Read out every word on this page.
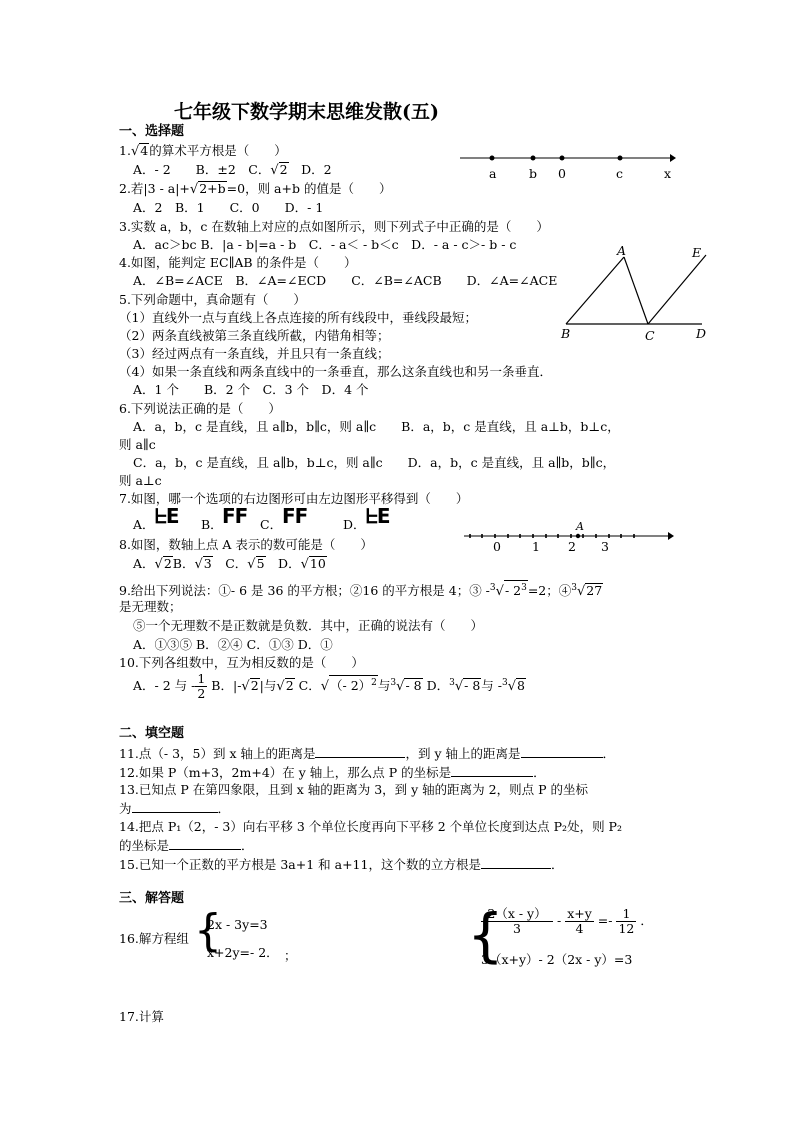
七年级下数学期末思维发散(五)
一、选择题
1.√4的算术平方根是（　　）
A．- 2　　B．±2　C．√2　D．2	a	b 0	c	x
2.若|3 - a|+√2+b=0，则 a+b 的值是（　　）
A．2　B．1　　C．0　　D．- 1
3.实数 a，b，c 在数轴上对应的点如图所示，则下列式子中正确的是（　　）
A．ac＞bc B．|a - b|=a - b　C．- a＜ - b＜c　D．- a - c＞- b - c
4.如图，能判定 EC∥AB 的条件是（　　）
A．∠B=∠ACE　B．∠A=∠ECD　　C．∠B=∠ACB　　D．∠A=∠ACE
A	E
B	C	D
5.下列命题中，真命题有（　　）
（1）直线外一点与直线上各点连接的所有线段中，垂线段最短；
（2）两条直线被第三条直线所截，内错角相等；
（3）经过两点有一条直线，并且只有一条直线；
（4）如果一条直线和两条直线中的一条垂直，那么这条直线也和另一条垂直．
A．1 个　　B．2 个　C．3 个　D．4 个
6.下列说法正确的是（　　）
A．a，b，c 是直线，且 a∥b，b∥c，则 a∥c　　B．a，b，c 是直线，且 a⊥b，b⊥c，
则 a∥c
C．a，b，c 是直线，且 a∥b，b⊥c，则 a∥c　　D．a，b，c 是直线，且 a∥b，b∥c，
则 a⊥c
7.如图，哪一个选项的右边图形可由左边图形平移得到（　　）
A． ᖶE B． FF C． FF	D． ᖶE
8.如图，数轴上点 A 表示的数可能是（　　）
A．√2B．√3　C．√5　D．√10
A
0 1 2 3
9.给出下列说法：①- 6 是 36 的平方根；②16 的平方根是 4；③ -$^3$√- $2^3=2$；④$^3$√27
是无理数；
⑤一个无理数不是正数就是负数．其中，正确的说法有（　　）
A．①③⑤ B．②④ C．①③ D．①
10.下列各组数中，互为相反数的是（　　）
A．- 2 与 - $\frac{1}{2}$ B．|-√2|与√2 C．√（- 2）$^2$与$^3$√- 8 D．$^3$√- 8与 -$^3$√8
二、填空题
11.点（- 3，5）到 x 轴上的距离是	，到 y 轴上的距离是	．
12.如果 P（m+3，2m+4）在 y 轴上，那么点 P 的坐标是	．
13.已知点 P 在第四象限，且到 x 轴的距离为 3，到 y 轴的距离为 2，则点 P 的坐标
为	．
14.把点 P₁（2，- 3）向右平移 3 个单位长度再向下平移 2 个单位长度到达点 P₂处，则 P₂
的坐标是	．
15.已知一个正数的平方根是 3a+1 和 a+11，这个数的立方根是	．
三、解答题
16.解方程组 {
2x - 3y=3
x+2y=- 2． ；	{
$\frac{2(x - y)}{3} - \frac{x+y}{4} =- \frac{1}{12}$ ．
3（x+y）- 2（2x - y）=3
17.计算
